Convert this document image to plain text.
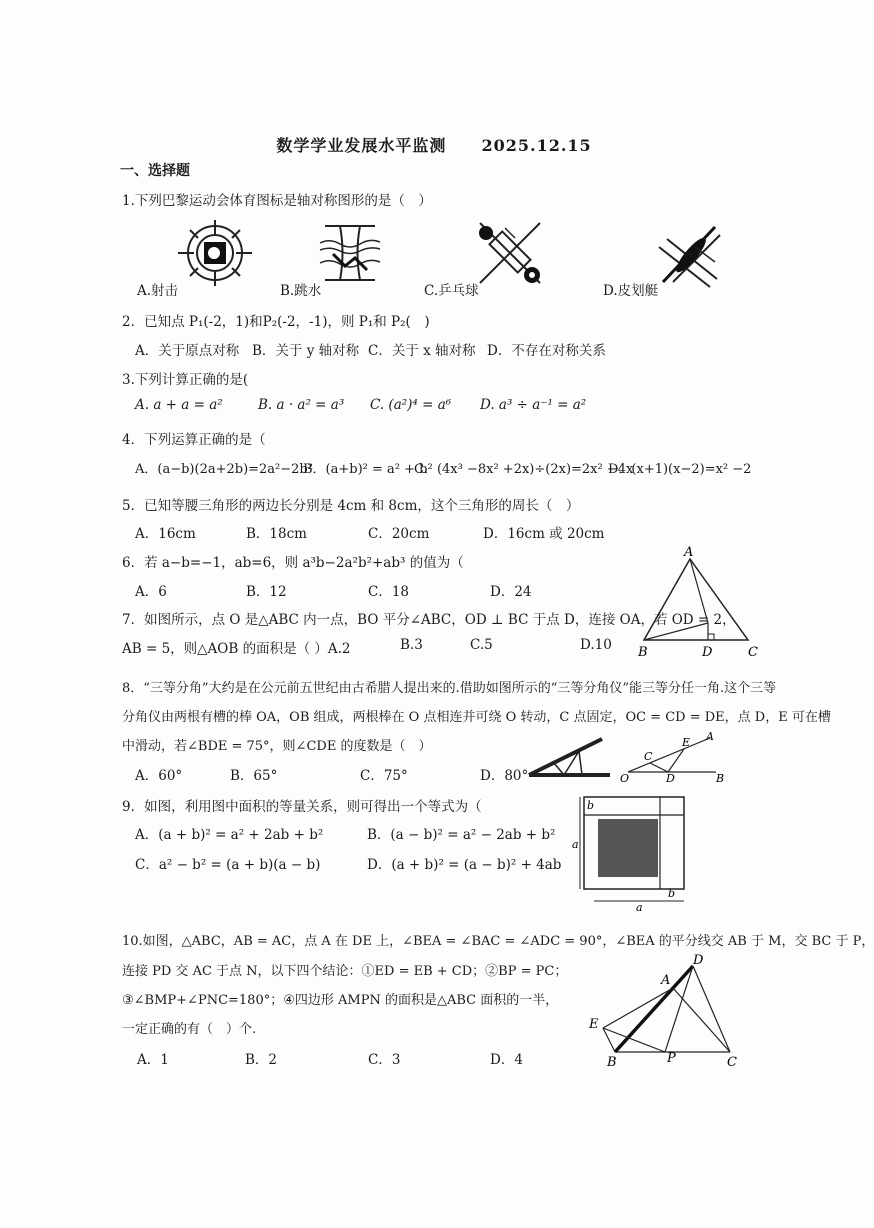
数学学业发展水平监测 2025.12.15
一、选择题
1.下列巴黎运动会体育图标是轴对称图形的是（　）
A.射击	B.跳水	C.乒乓球	D.皮划艇
2．已知点 P₁(-2，1)和P₂(-2，-1)，则 P₁和 P₂(　)
A．关于原点对称 B．关于 y 轴对称 C．关于 x 轴对称 D．不存在对称关系
3.下列计算正确的是(
A. a + a = a²	B. a · a² = a³ C. (a²)⁴ = a⁶ D. a³ ÷ a⁻¹ = a²
4．下列运算正确的是（
A．(a−b)(2a+2b)=2a²−2b²
B．(a+b)² = a² + b²
C．(4x³ −8x² +2x)÷(2x)=2x² −4x
D．(x+1)(x−2)=x² −2
5．已知等腰三角形的两边长分别是 4cm 和 8cm，这个三角形的周长（　）
A．16cm	B．18cm	C．20cm	D．16cm 或 20cm
6．若 a−b=−1，ab=6，则 a³b−2a²b²+ab³ 的值为（
A．6	B．12	C．18	D．24
A
B	D	C
7．如图所示，点 O 是△ABC 内一点，BO 平分∠ABC，OD ⊥ BC 于点 D，连接 OA，若 OD = 2，
AB = 5，则△AOB 的面积是（ ）A.2	B.3	C.5	D.10
8．“三等分角”大约是在公元前五世纪由古希腊人提出来的.借助如图所示的“三等分角仪”能三等分任一角.这个三等
分角仪由两根有槽的棒 OA，OB 组成，两根棒在 O 点相连并可绕 O 转动，C 点固定，OC = CD = DE，点 D，E 可在槽
中滑动，若∠BDE = 75°，则∠CDE 的度数是（　）
A．60°	B．65°	C．75°	D．80°	O
C
D
E A
B
9．如图，利用图中面积的等量关系，则可得出一个等式为（
A．(a + b)² = a² + 2ab + b²	B．(a − b)² = a² − 2ab + b²
C．a² − b² = (a + b)(a − b)	D．(a + b)² = (a − b)² + 4ab
b
a
b
a
10.如图，△ABC，AB = AC，点 A 在 DE 上，∠BEA = ∠BAC = ∠ADC = 90°，∠BEA 的平分线交 AB 于 M，交 BC 于 P，
连接 PD 交 AC 于点 N，以下四个结论：①ED = EB + CD；②BP = PC；
③∠BMP+∠PNC=180°；④四边形 AMPN 的面积是△ABC 面积的一半，
一定正确的有（　）个.
A．1	B．2	C．3	D．4
D
A
E
B	P	C
